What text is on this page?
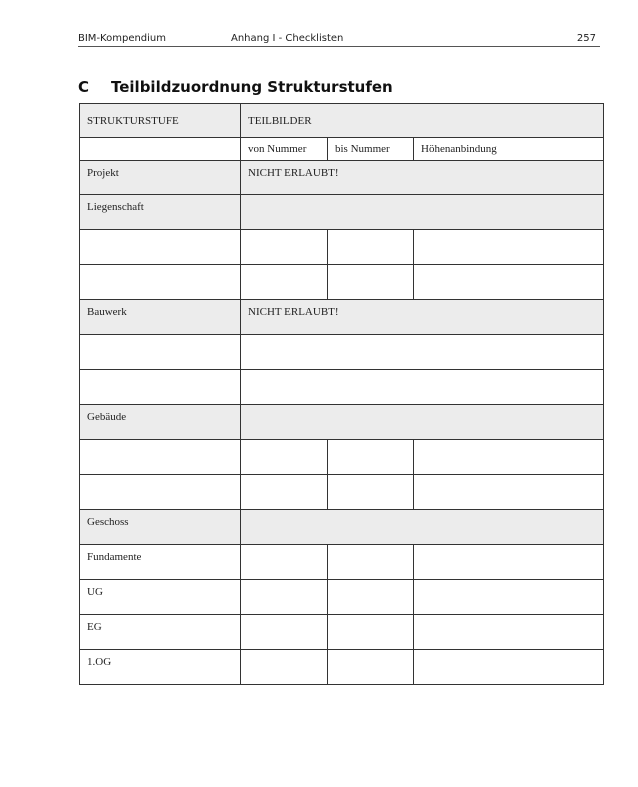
BIM-Kompendium	Anhang I - Checklisten	257
C Teilbildzuordnung Strukturstufen
STRUKTURSTUFE	TEILBILDER		

	von Nummer	bis Nummer	Höhenanbindung

Projekt	NICHT ERLAUBT!		

Liegenschaft			

Bauwerk	NICHT ERLAUBT!		

Gebäude			

Geschoss			

Fundamente			

UG			

EG			

1.OG			
